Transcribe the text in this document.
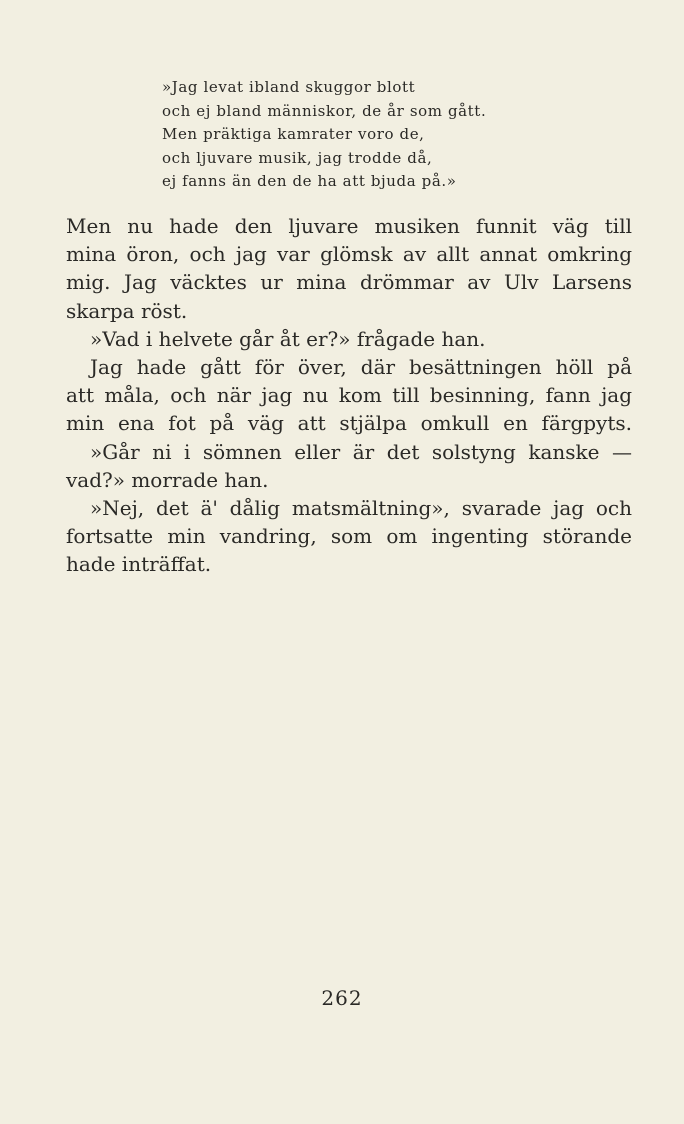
»Jag levat ibland skuggor blott
och ej bland människor, de år som gått.
Men präktiga kamrater voro de,
och ljuvare musik, jag trodde då,
ej fanns än den de ha att bjuda på.»
Men nu hade den ljuvare musiken funnit väg till
mina öron, och jag var glömsk av allt annat omkring
mig. Jag väcktes ur mina drömmar av Ulv Larsens
skarpa röst.
»Vad i helvete går åt er?» frågade han.
Jag hade gått för över, där besättningen höll på
att måla, och när jag nu kom till besinning, fann jag
min ena fot på väg att stjälpa omkull en färgpyts.
»Går ni i sömnen eller är det solstyng kanske —
vad?» morrade han.
»Nej, det ä' dålig matsmältning», svarade jag och
fortsatte min vandring, som om ingenting störande
hade inträffat.
262
